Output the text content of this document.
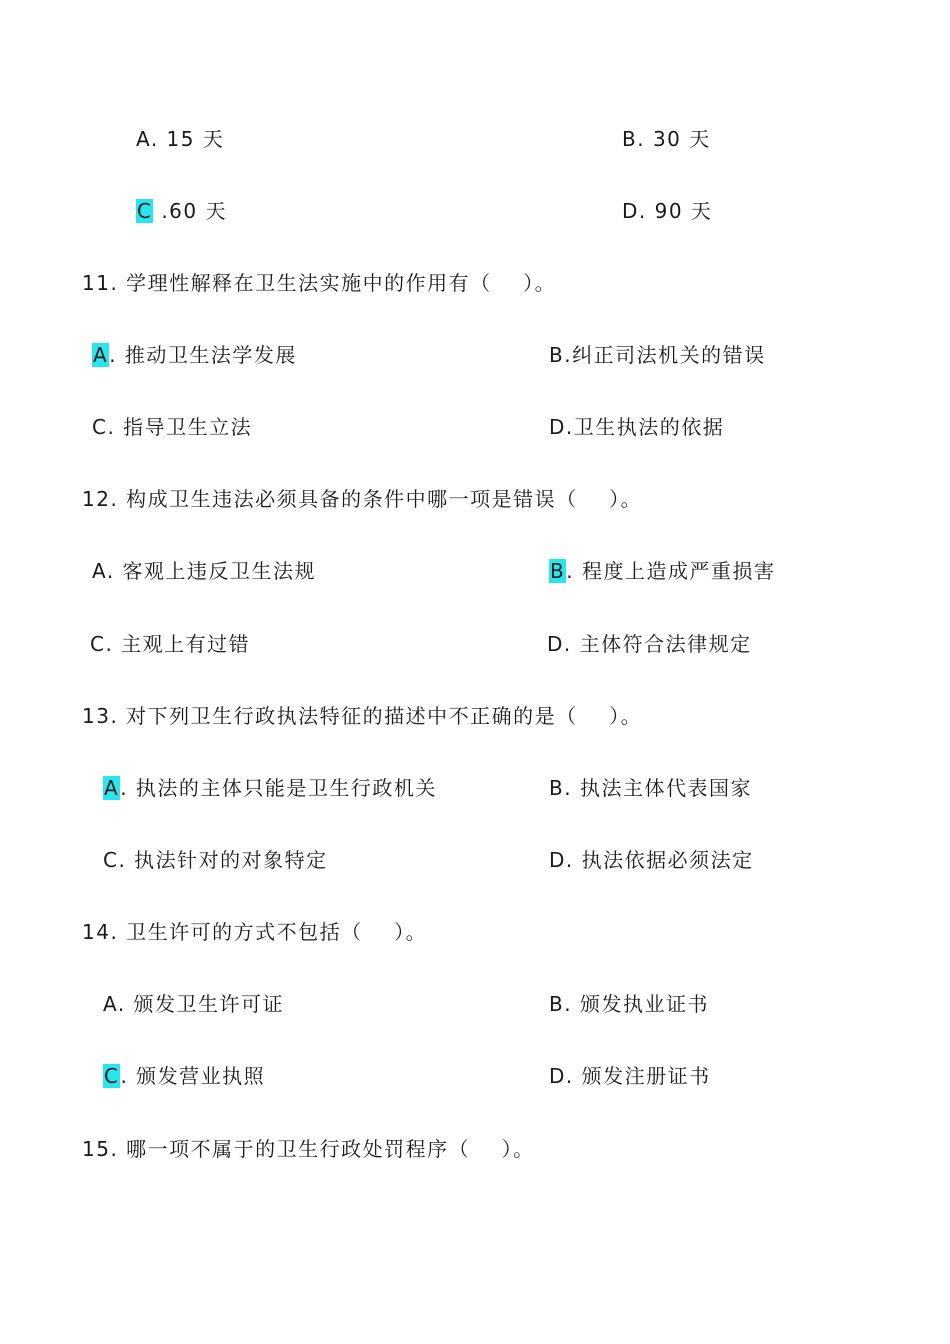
A. 15 天	B. 30 天
C .60 天	D. 90 天
11. 学理性解释在卫生法实施中的作用有（    ）。
A. 推动卫生法学发展	B.纠正司法机关的错误
C. 指导卫生立法	D.卫生执法的依据
12. 构成卫生违法必须具备的条件中哪一项是错误（    ）。
A. 客观上违反卫生法规	B. 程度上造成严重损害
C. 主观上有过错	D. 主体符合法律规定
13. 对下列卫生行政执法特征的描述中不正确的是（    ）。
A. 执法的主体只能是卫生行政机关	B. 执法主体代表国家
C. 执法针对的对象特定	D. 执法依据必须法定
14. 卫生许可的方式不包括（    ）。
A. 颁发卫生许可证	B. 颁发执业证书
C. 颁发营业执照	D. 颁发注册证书
15. 哪一项不属于的卫生行政处罚程序（    ）。
